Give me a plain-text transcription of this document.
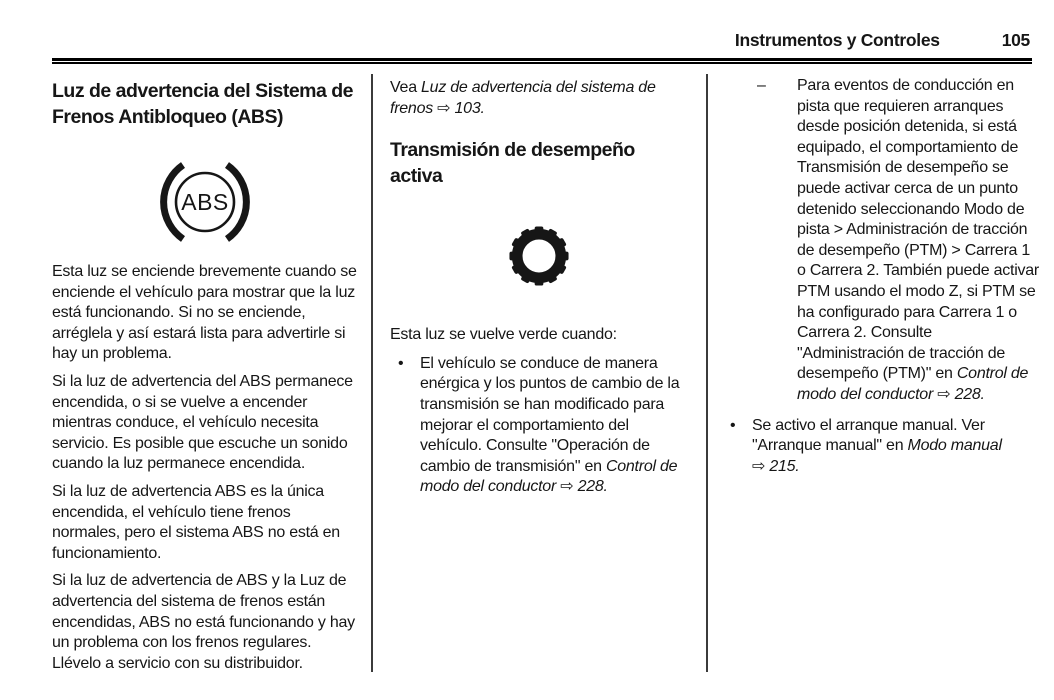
Instrumentos y Controles	105
Luz de advertencia del Sistema de Frenos Antibloqueo (ABS)
ABS

Esta luz se enciende brevemente cuando se enciende el vehículo para mostrar que la luz está funcionando. Si no se enciende, arréglela y así estará lista para advertirle si hay un problema.

Si la luz de advertencia del ABS permanece encendida, o si se vuelve a encender mientras conduce, el vehículo necesita servicio. Es posible que escuche un sonido cuando la luz permanece encendida.

Si la luz de advertencia ABS es la única encendida, el vehículo tiene frenos normales, pero el sistema ABS no está en funcionamiento.

Si la luz de advertencia de ABS y la Luz de advertencia del sistema de frenos están encendidas, ABS no está funcionando y hay un problema con los frenos regulares. Llévelo a servicio con su distribuidor.

Vea Luz de advertencia del sistema de frenos ⇨ 103.

Transmisión de desempeño activa

Esta luz se vuelve verde cuando:

•	El vehículo se conduce de manera enérgica y los puntos de cambio de la transmisión se han modificado para mejorar el comportamiento del vehículo. Consulte "Operación de cambio de transmisión" en Control de modo del conductor ⇨ 228.
–	Para eventos de conducción en pista que requieren arranques desde posición detenida, si está equipado, el comportamiento de Transmisión de desempeño se puede activar cerca de un punto detenido seleccionando Modo de pista > Administración de tracción de desempeño (PTM) > Carrera 1 o Carrera 2. También puede activar PTM usando el modo Z, si PTM se ha configurado para Carrera 1 o Carrera 2. Consulte "Administración de tracción de desempeño (PTM)" en Control de modo del conductor ⇨ 228.
•	Se activo el arranque manual. Ver "Arranque manual" en Modo manual ⇨ 215.
